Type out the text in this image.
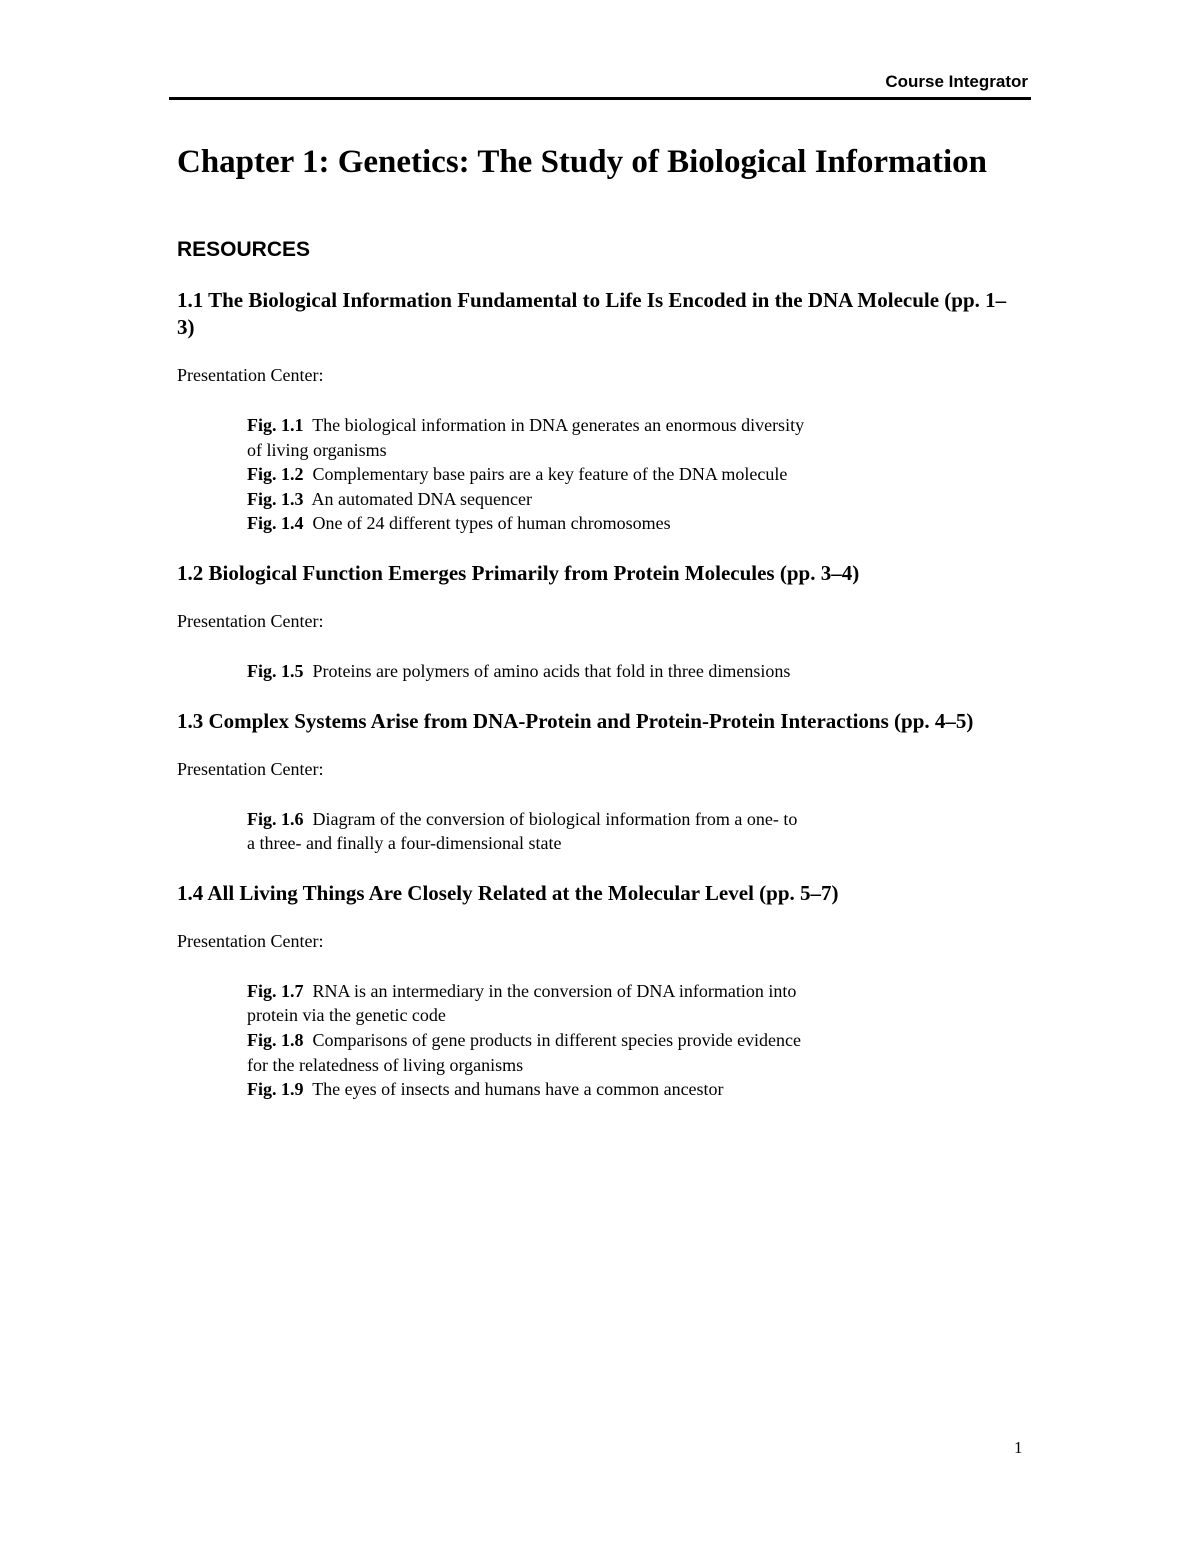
Course Integrator
Chapter 1: Genetics: The Study of Biological Information
RESOURCES
1.1 The Biological Information Fundamental to Life Is Encoded in the DNA Molecule (pp. 1–3)
Presentation Center:
Fig. 1.1 The biological information in DNA generates an enormous diversity of living organisms
Fig. 1.2 Complementary base pairs are a key feature of the DNA molecule
Fig. 1.3 An automated DNA sequencer
Fig. 1.4 One of 24 different types of human chromosomes
1.2 Biological Function Emerges Primarily from Protein Molecules (pp. 3–4)
Presentation Center:
Fig. 1.5 Proteins are polymers of amino acids that fold in three dimensions
1.3 Complex Systems Arise from DNA-Protein and Protein-Protein Interactions (pp. 4–5)
Presentation Center:
Fig. 1.6 Diagram of the conversion of biological information from a one- to a three- and finally a four-dimensional state
1.4 All Living Things Are Closely Related at the Molecular Level (pp. 5–7)
Presentation Center:
Fig. 1.7 RNA is an intermediary in the conversion of DNA information into protein via the genetic code
Fig. 1.8 Comparisons of gene products in different species provide evidence for the relatedness of living organisms
Fig. 1.9 The eyes of insects and humans have a common ancestor
1
